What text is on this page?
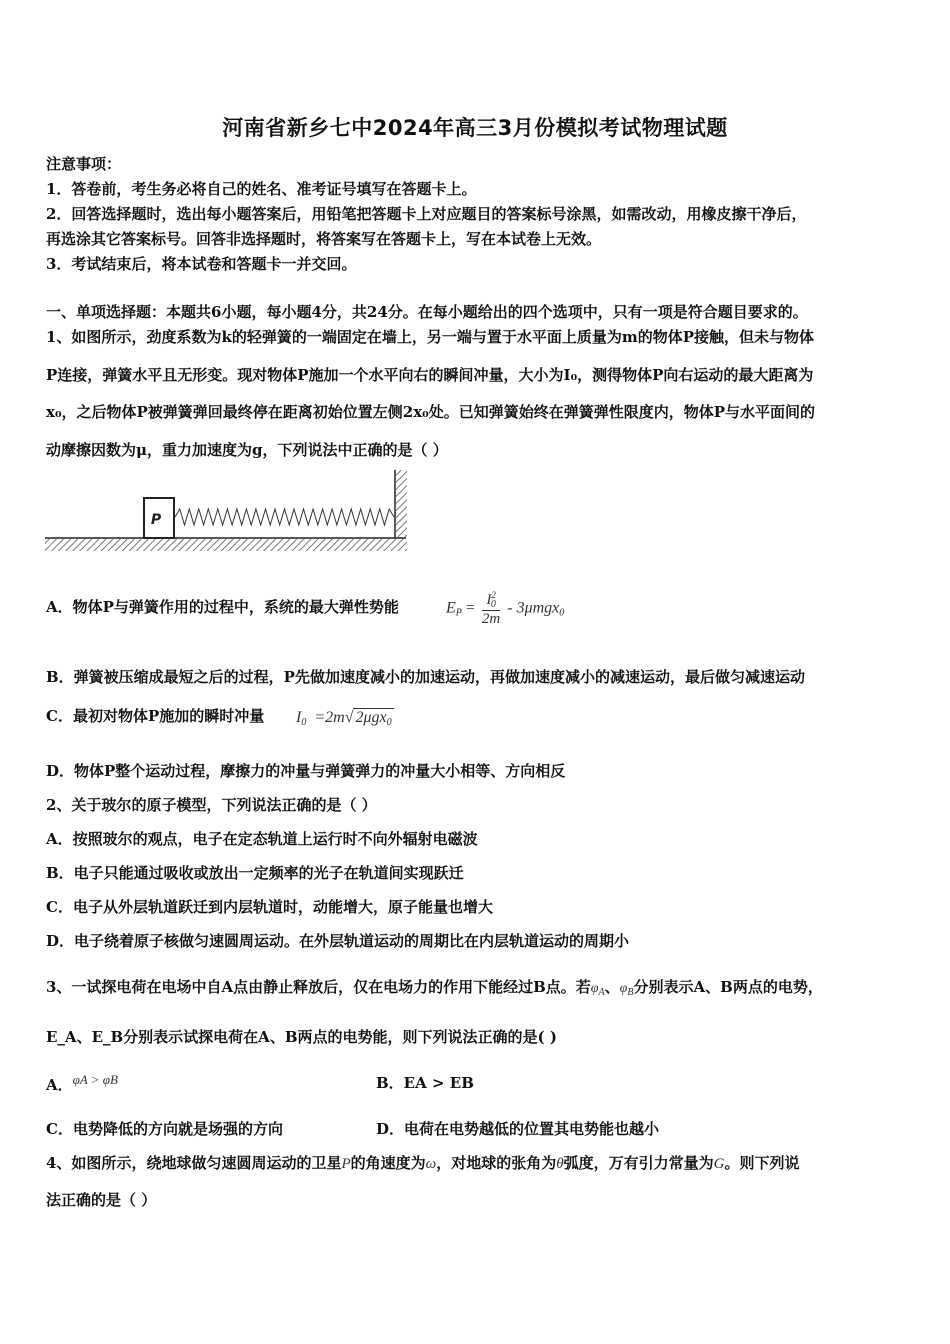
河南省新乡七中2024年高三3月份模拟考试物理试题
注意事项：
1．答卷前，考生务必将自己的姓名、准考证号填写在答题卡上。
2．回答选择题时，选出每小题答案后，用铅笔把答题卡上对应题目的答案标号涂黑，如需改动，用橡皮擦干净后，
再选涂其它答案标号。回答非选择题时，将答案写在答题卡上，写在本试卷上无效。
3．考试结束后，将本试卷和答题卡一并交回。
一、单项选择题：本题共6小题，每小题4分，共24分。在每小题给出的四个选项中，只有一项是符合题目要求的。
1、如图所示，劲度系数为k的轻弹簧的一端固定在墙上，另一端与置于水平面上质量为m的物体P接触，但未与物体
P连接，弹簧水平且无形变。现对物体P施加一个水平向右的瞬间冲量，大小为I₀，测得物体P向右运动的最大距离为
x₀，之后物体P被弹簧弹回最终停在距离初始位置左侧2x₀处。已知弹簧始终在弹簧弹性限度内，物体P与水平面间的
动摩擦因数为μ，重力加速度为g，下列说法中正确的是（ ）
P
A．物体P与弹簧作用的过程中，系统的最大弹性势能	$E_P = \frac{I^2_0}{2m} - 3\mu mgx_0$
B．弹簧被压缩成最短之后的过程，P先做加速度减小的加速运动，再做加速度减小的减速运动，最后做匀减速运动
C．最初对物体P施加的瞬时冲量 $I_0 =2m√$ 2μgx$_0$
D．物体P整个运动过程，摩擦力的冲量与弹簧弹力的冲量大小相等、方向相反
2、关于玻尔的原子模型，下列说法正确的是（ ）
A．按照玻尔的观点，电子在定态轨道上运行时不向外辐射电磁波
B．电子只能通过吸收或放出一定频率的光子在轨道间实现跃迁
C．电子从外层轨道跃迁到内层轨道时，动能增大，原子能量也增大
D．电子绕着原子核做匀速圆周运动。在外层轨道运动的周期比在内层轨道运动的周期小
3、一试探电荷在电场中自A点由静止释放后，仅在电场力的作用下能经过B点。若$\varphi_A$、$\varphi_B$分别表示A、B两点的电势，
E_A、E_B分别表示试探电荷在A、B两点的电势能，则下列说法正确的是( )
A．φA > φB	B．EA > EB
C．电势降低的方向就是场强的方向	D．电荷在电势越低的位置其电势能也越小
4、如图所示，绕地球做匀速圆周运动的卫星P的角速度为ω，对地球的张角为θ弧度，万有引力常量为G。则下列说
法正确的是（ ）
